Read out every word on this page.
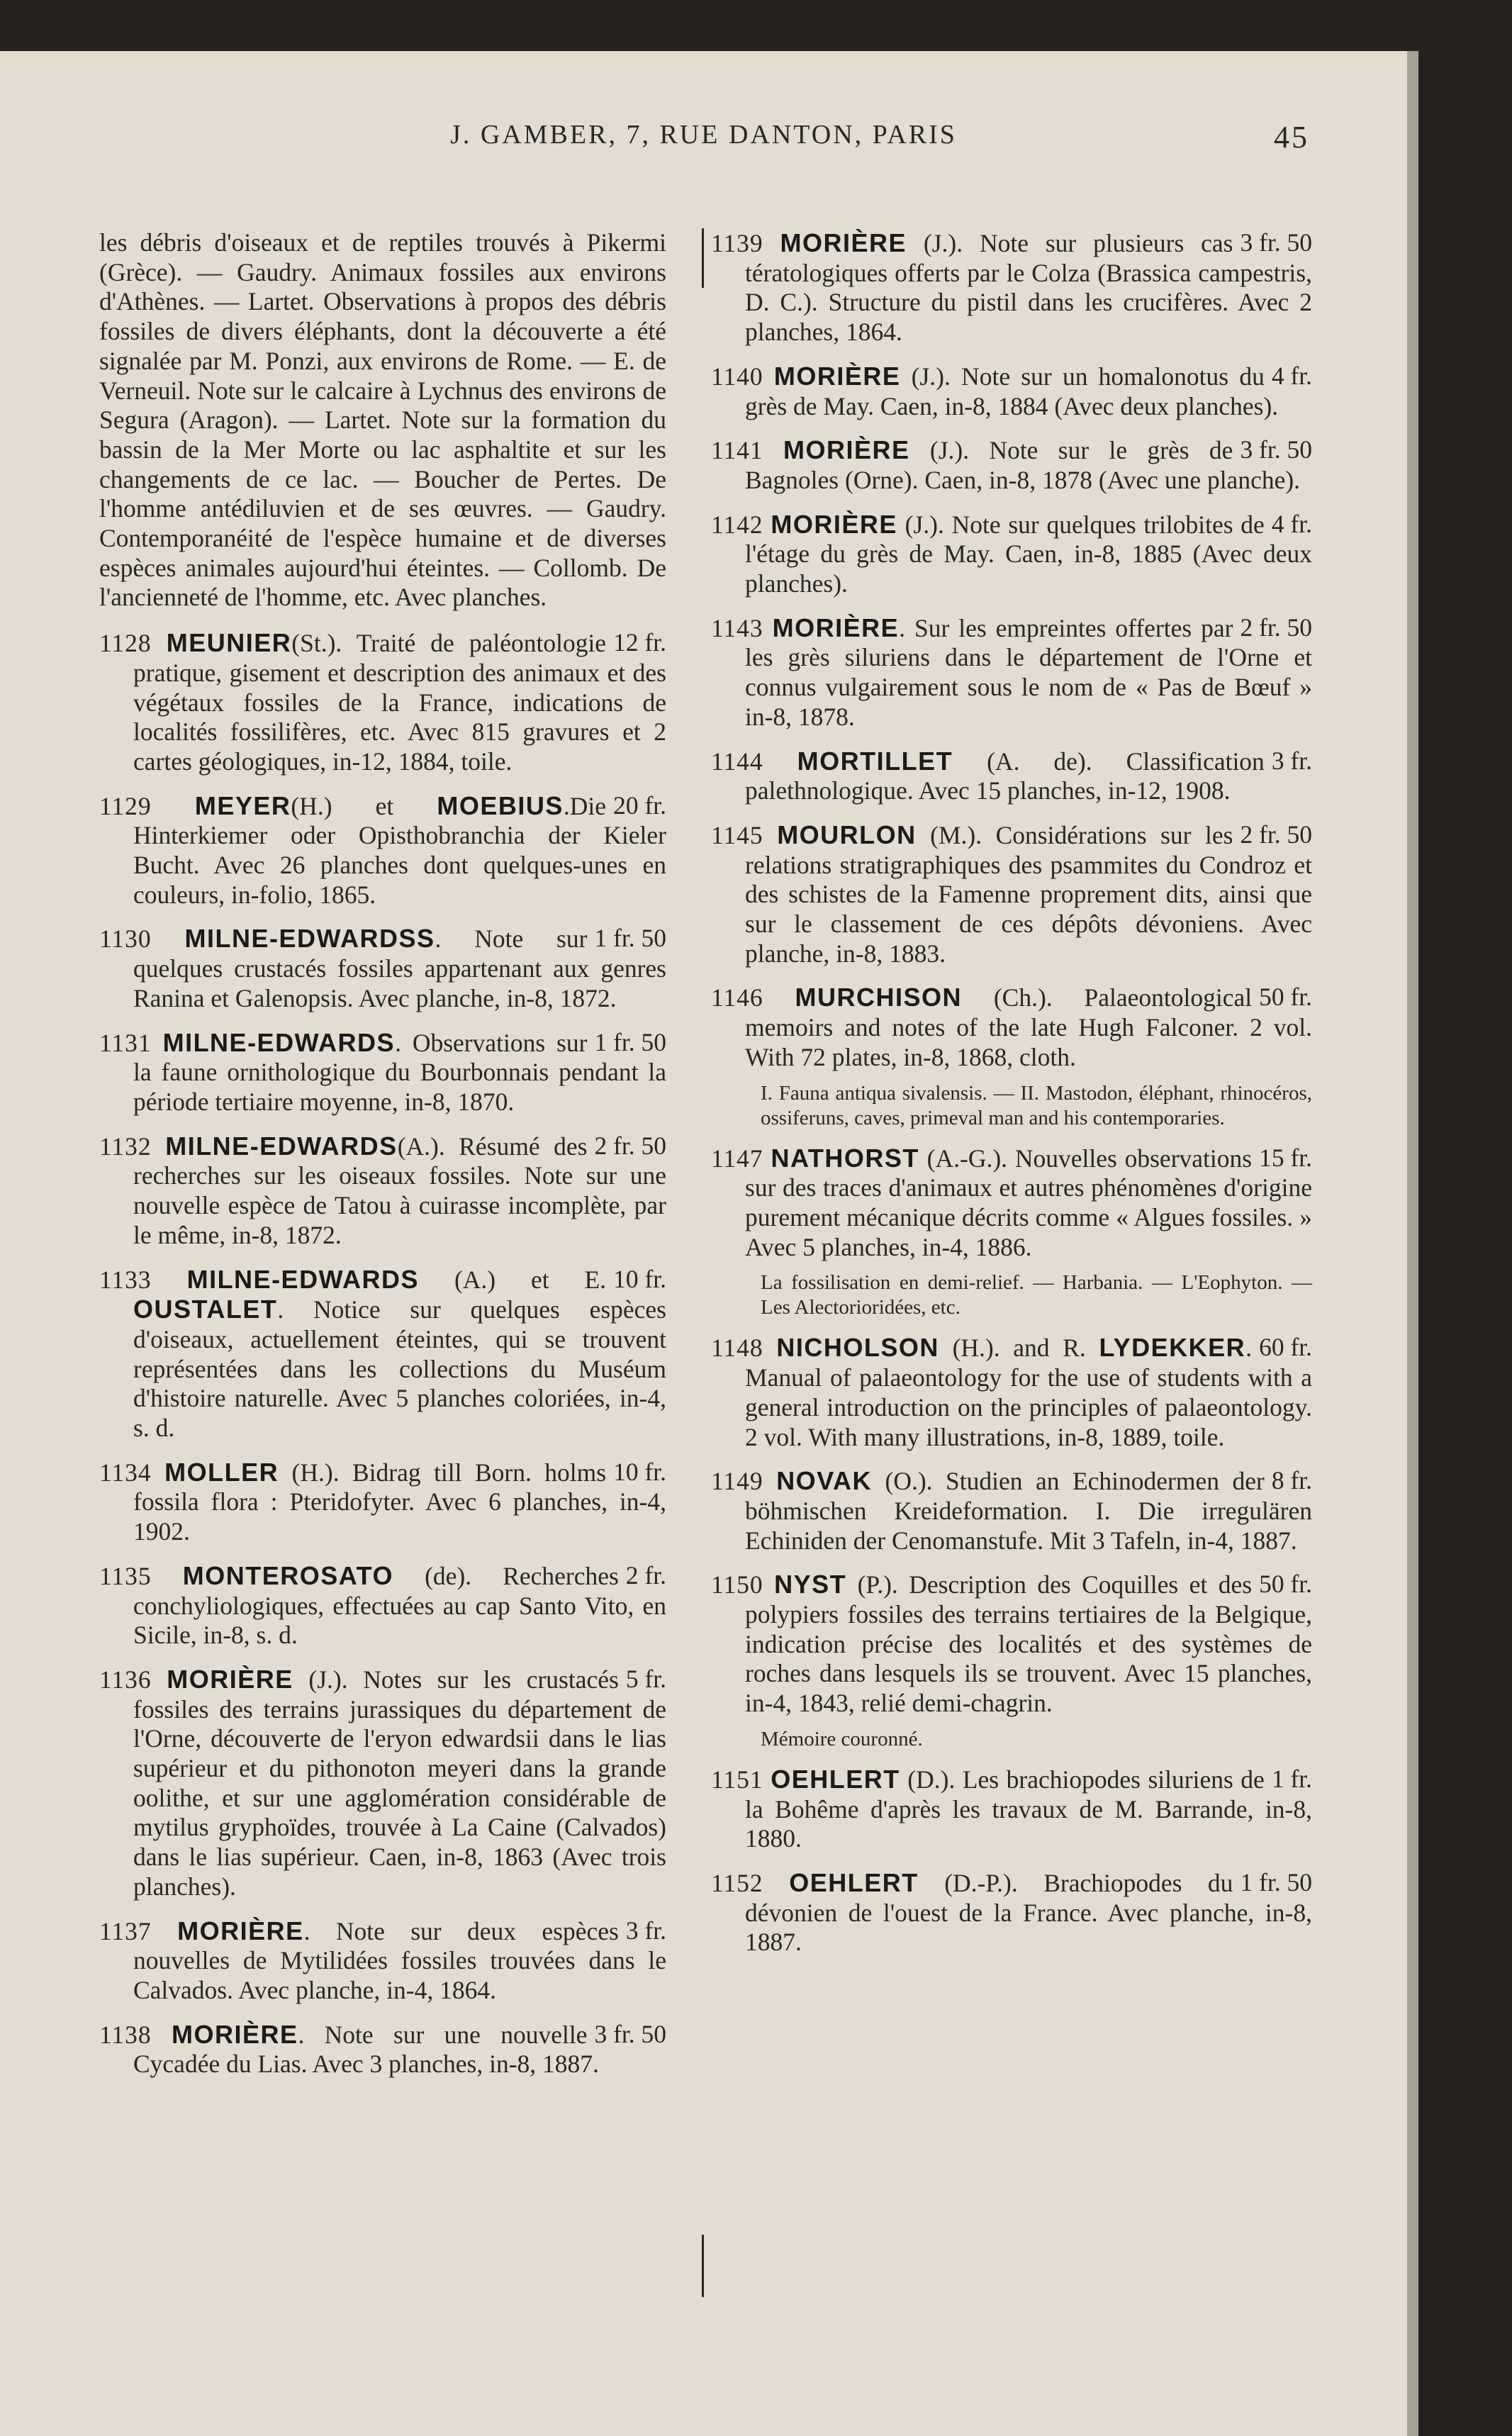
J. GAMBER, 7, RUE DANTON, PARIS	45
les débris d'oiseaux et de reptiles trouvés à Pikermi (Grèce). — Gaudry. Animaux fossiles aux environs d'Athènes. — Lartet. Observations à propos des débris fossiles de divers éléphants, dont la découverte a été signalée par M. Ponzi, aux environs de Rome. — E. de Verneuil. Note sur le calcaire à Lychnus des environs de Segura (Aragon). — Lartet. Note sur la formation du bassin de la Mer Morte ou lac asphaltite et sur les changements de ce lac. — Boucher de Pertes. De l'homme antédiluvien et de ses œuvres. — Gaudry. Contemporanéité de l'espèce humaine et de diverses espèces animales aujourd'hui éteintes. — Collomb. De l'ancienneté de l'homme, etc. Avec planches.
12 fr.
1128 MEUNIER(St.). Traité de paléontologie pratique, gisement et description des animaux et des végétaux fossiles de la France, indications de localités fossilifères, etc. Avec 815 gravures et 2 cartes géologiques, in-12, 1884, toile.
20 fr.
1129 MEYER(H.) et MOEBIUS.Die Hinterkiemer oder Opisthobranchia der Kieler Bucht. Avec 26 planches dont quelques-unes en couleurs, in-folio, 1865.
1 fr. 50
1130 MILNE-EDWARDSS. Note sur quelques crustacés fossiles appartenant aux genres Ranina et Galenopsis. Avec planche, in-8, 1872.
1 fr. 50
1131 MILNE-EDWARDS. Observations sur la faune ornithologique du Bourbonnais pendant la période tertiaire moyenne, in-8, 1870.
2 fr. 50
1132 MILNE-EDWARDS(A.). Résumé des recherches sur les oiseaux fossiles. Note sur une nouvelle espèce de Tatou à cuirasse incomplète, par le même, in-8, 1872.
10 fr.
1133 MILNE-EDWARDS (A.) et E. OUSTALET. Notice sur quelques espèces d'oiseaux, actuellement éteintes, qui se trouvent représentées dans les collections du Muséum d'histoire naturelle. Avec 5 planches coloriées, in-4, s. d.
10 fr.
1134 MOLLER (H.). Bidrag till Born. holms fossila flora : Pteridofyter. Avec 6 planches, in-4, 1902.
2 fr.
1135 MONTEROSATO (de). Recherches conchyliologiques, effectuées au cap Santo Vito, en Sicile, in-8, s. d.
5 fr.
1136 MORIÈRE (J.). Notes sur les crustacés fossiles des terrains jurassiques du département de l'Orne, découverte de l'eryon edwardsii dans le lias supérieur et du pithonoton meyeri dans la grande oolithe, et sur une agglomération considérable de mytilus gryphoïdes, trouvée à La Caine (Calvados) dans le lias supérieur. Caen, in-8, 1863 (Avec trois planches).
3 fr.
1137 MORIÈRE. Note sur deux espèces nouvelles de Mytilidées fossiles trouvées dans le Calvados. Avec planche, in-4, 1864.
3 fr. 50
1138 MORIÈRE. Note sur une nouvelle Cycadée du Lias. Avec 3 planches, in-8, 1887.
3 fr. 50
1139 MORIÈRE (J.). Note sur plusieurs cas tératologiques offerts par le Colza (Brassica campestris, D. C.). Structure du pistil dans les crucifères. Avec 2 planches, 1864.
4 fr.
1140 MORIÈRE (J.). Note sur un homalonotus du grès de May. Caen, in-8, 1884 (Avec deux planches).
3 fr. 50
1141 MORIÈRE (J.). Note sur le grès de Bagnoles (Orne). Caen, in-8, 1878 (Avec une planche).
4 fr.
1142 MORIÈRE (J.). Note sur quelques trilobites de l'étage du grès de May. Caen, in-8, 1885 (Avec deux planches).
2 fr. 50
1143 MORIÈRE. Sur les empreintes offertes par les grès siluriens dans le département de l'Orne et connus vulgairement sous le nom de « Pas de Bœuf » in-8, 1878.
3 fr.
1144 MORTILLET (A. de). Classification palethnologique. Avec 15 planches, in-12, 1908.
2 fr. 50
1145 MOURLON (M.). Considérations sur les relations stratigraphiques des psammites du Condroz et des schistes de la Famenne proprement dits, ainsi que sur le classement de ces dépôts dévoniens. Avec planche, in-8, 1883.
50 fr.
1146 MURCHISON (Ch.). Palaeontological memoirs and notes of the late Hugh Falconer. 2 vol. With 72 plates, in-8, 1868, cloth.
I. Fauna antiqua sivalensis. — II. Mastodon, éléphant, rhinocéros, ossiferuns, caves, primeval man and his contemporaries.
15 fr.
1147 NATHORST (A.-G.). Nouvelles observations sur des traces d'animaux et autres phénomènes d'origine purement mécanique décrits comme « Algues fossiles. » Avec 5 planches, in-4, 1886.
La fossilisation en demi-relief. — Harbania. — L'Eophyton. — Les Alectorioridées, etc.
60 fr.
1148 NICHOLSON (H.). and R. LYDEKKER. Manual of palaeontology for the use of students with a general introduction on the principles of palaeontology. 2 vol. With many illustrations, in-8, 1889, toile.
8 fr.
1149 NOVAK (O.). Studien an Echinodermen der böhmischen Kreideformation. I. Die irregulären Echiniden der Cenomanstufe. Mit 3 Tafeln, in-4, 1887.
50 fr.
1150 NYST (P.). Description des Coquilles et des polypiers fossiles des terrains tertiaires de la Belgique, indication précise des localités et des systèmes de roches dans lesquels ils se trouvent. Avec 15 planches, in-4, 1843, relié demi-chagrin.
Mémoire couronné.
1 fr.
1151 OEHLERT (D.). Les brachiopodes siluriens de la Bohême d'après les travaux de M. Barrande, in-8, 1880.
1 fr. 50
1152 OEHLERT (D.-P.). Brachiopodes du dévonien de l'ouest de la France. Avec planche, in-8, 1887.
